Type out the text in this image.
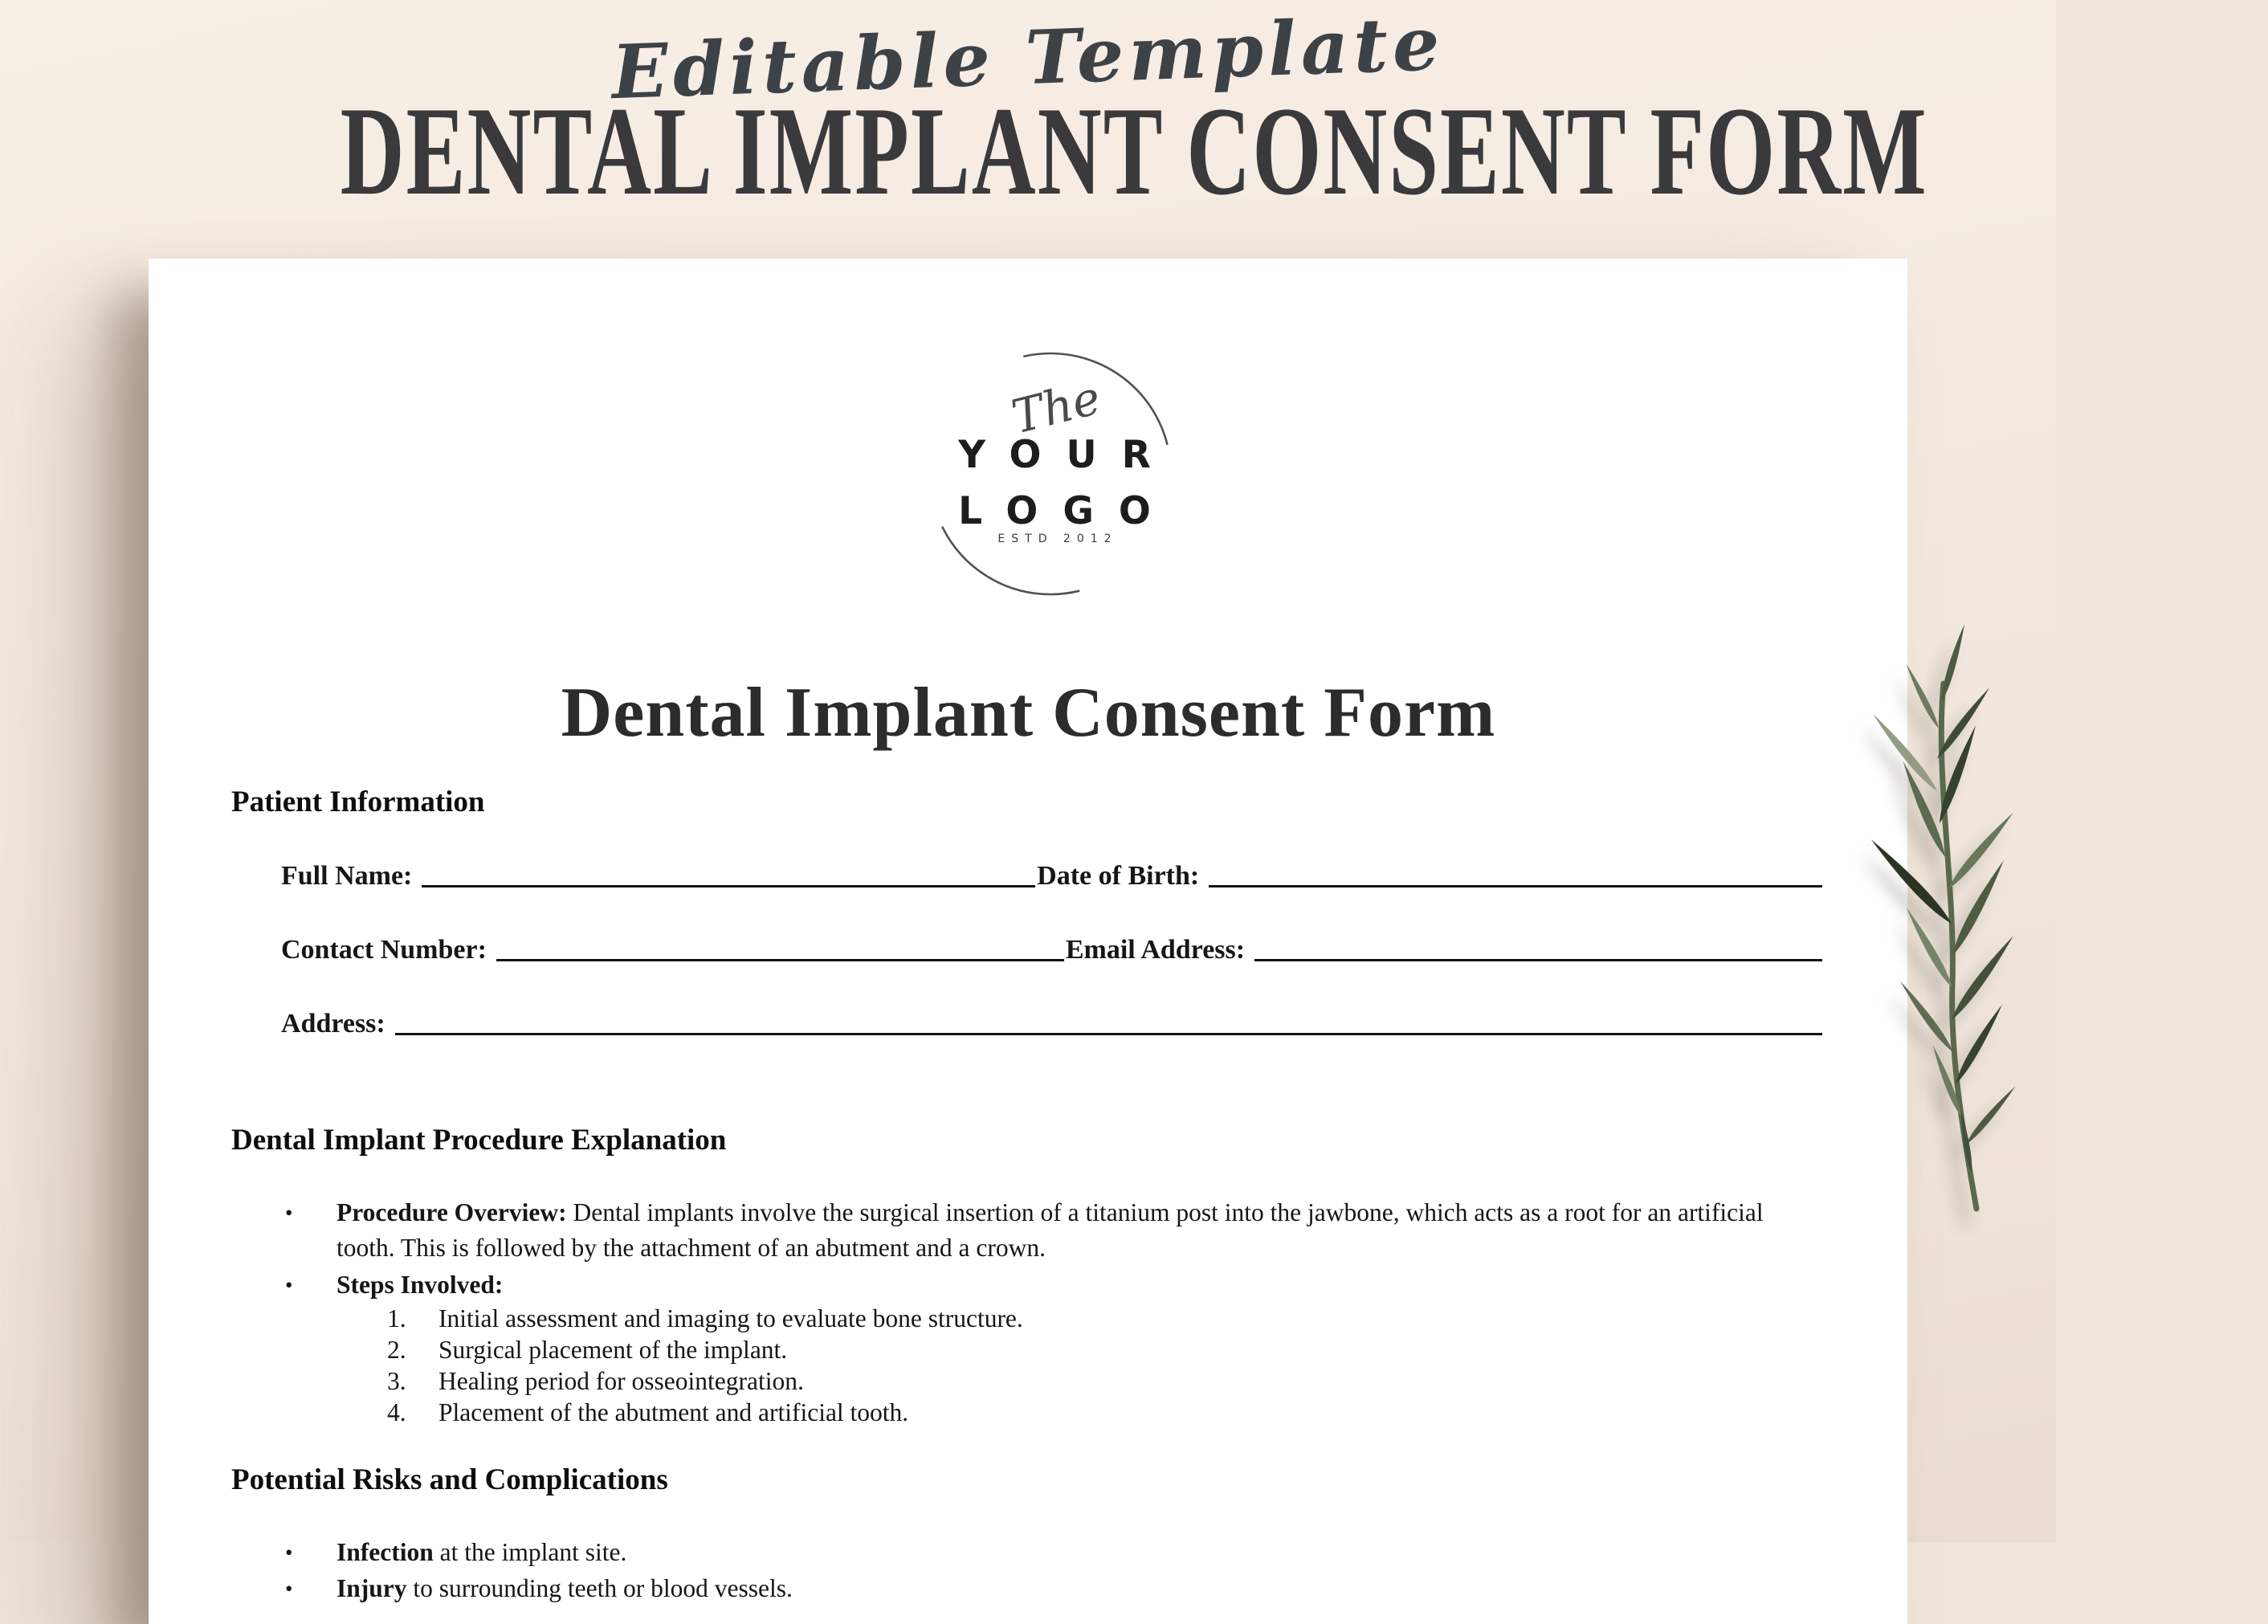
Editable Template
DENTAL IMPLANT CONSENT FORM
The
YOUR
LOGO
ESTD 2012
Dental Implant Consent Form
Patient Information
Full Name:	Date of Birth:
Contact Number:	Email Address:
Address:
Dental Implant Procedure Explanation
•	Procedure Overview: Dental implants involve the surgical insertion of a titanium post into the jawbone, which acts as a root for an artificial tooth. This is followed by the attachment of an abutment and a crown.
•	Steps Involved:
1.	Initial assessment and imaging to evaluate bone structure.
2.	Surgical placement of the implant.
3.	Healing period for osseointegration.
4.	Placement of the abutment and artificial tooth.
Potential Risks and Complications
•	Infection at the implant site.
•	Injury to surrounding teeth or blood vessels.
